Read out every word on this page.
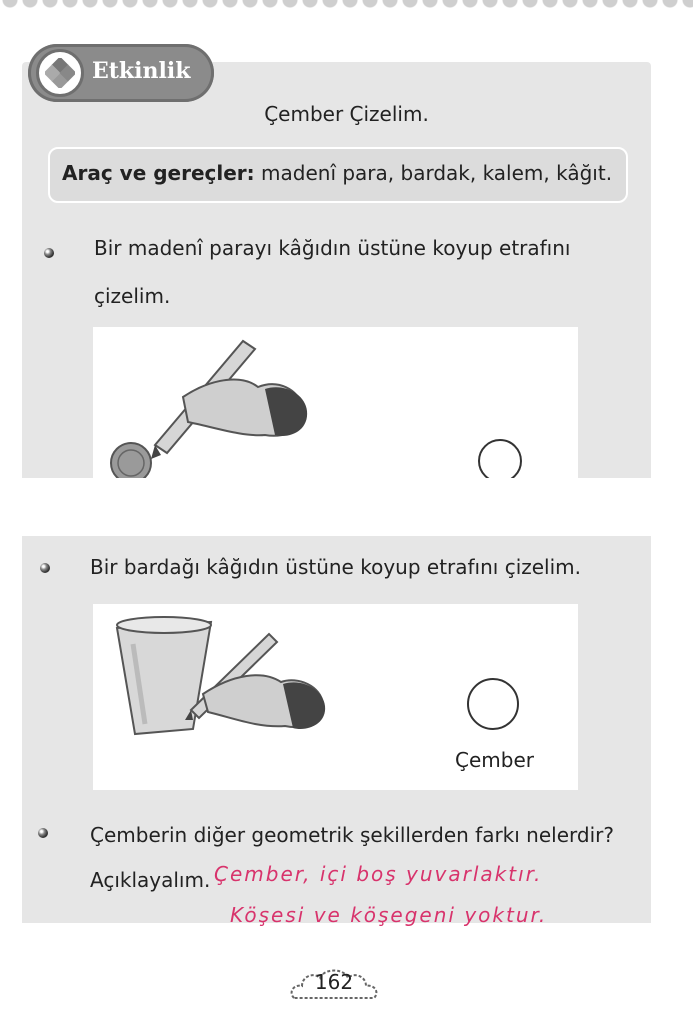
Etkinlik
Çember Çizelim.
Araç ve gereçler: madenî para, bardak, kalem, kâğıt.
Bir madenî parayı kâğıdın üstüne koyup etrafını
çizelim.
Bir bardağı kâğıdın üstüne koyup etrafını çizelim.
Çember
Çemberin diğer geometrik şekillerden farkı nelerdir?
Açıklayalım. Çember, içi boş yuvarlaktır.
Köşesi ve köşegeni yoktur.
162
